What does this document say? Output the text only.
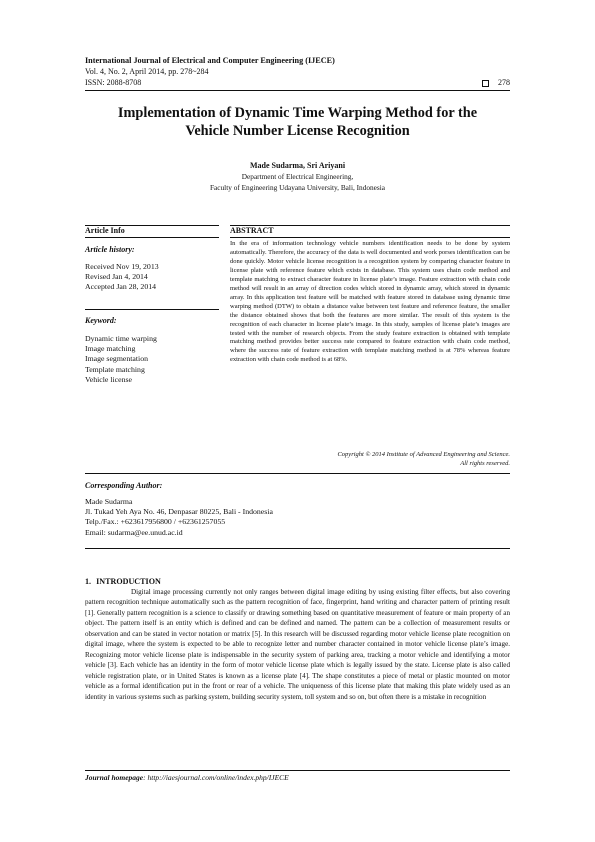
International Journal of Electrical and Computer Engineering (IJECE)
Vol. 4, No. 2, April 2014, pp. 278~284
ISSN: 2088-8708	278
Implementation of Dynamic Time Warping Method for the
Vehicle Number License Recognition
Made Sudarma, Sri Ariyani
Department of Electrical Engineering,
Faculty of Engineering Udayana University, Bali, Indonesia
Article Info	ABSTRACT
Article history:
Received Nov 19, 2013
Revised Jan 4, 2014
Accepted Jan 28, 2014
Keyword:
Dynamic time warping
Image matching
Image segmentation
Template matching
Vehicle license
In the era of information technology vehicle numbers identification needs to be done by system automatically. Therefore, the accuracy of the data is well documented and work porses identification can be done quickly. Motor vehicle license recognition is a recognition system by comparing character feature in license plate with reference feature which exists in database. This system uses chain code method and template matching to extract character feature in license plate’s image. Feature extraction with chain code method will result in an array of direction codes which stored in dynamic array, which stored in dynamic array. In this application test feature will be matched with feature stored in database using dynamic time warping method (DTW) to obtain a distance value between test feature and reference feature, the smaller the distance obtained shows that both the features are more similar. The result of this system is the recognition of each character in license plate’s image. In this study, samples of license plate’s images are tested with the number of research objects. From the study feature extraction is obtained with template matching method provides better success rate compared to feature extraction with chain code method, where the success rate of feature extraction with template matching method is at 78% whereas feature extraction with chain code method is at 68%.
Copyright © 2014 Institute of Advanced Engineering and Science.
All rights reserved.
Corresponding Author:
Made Sudarma
Jl. Tukad Yeh Aya No. 46, Denpasar 80225, Bali - Indonesia
Telp./Fax.: +623617956800 / +62361257055
Email: sudarma@ee.unud.ac.id
1. INTRODUCTION
Digital image processing currently not only ranges between digital image editing by using existing filter effects, but also covering pattern recognition technique automatically such as the pattern recognition of face, fingerprint, hand writing and character pattern of printing result [1]. Generally pattern recognition is a science to classify or drawing something based on quantitative measurement of feature or main property of an object. The pattern itself is an entity which is defined and can be defined and named. The pattern can be a collection of measurement results or observation and can be stated in vector notation or matrix [5]. In this research will be discussed regarding motor vehicle license plate recognition on digital image, where the system is expected to be able to recognize letter and number character contained in motor vehicle license plate’s image. Recognizing motor vehicle license plate is indispensable in the security system of parking area, tracking a motor vehicle and identifying a motor vehicle [3]. Each vehicle has an identity in the form of motor vehicle license plate which is legally issued by the state. License plate is also called vehicle registration plate, or in United States is known as a license plate [4]. The shape constitutes a piece of metal or plastic mounted on motor vehicle as a formal identification put in the front or rear of a vehicle. The uniqueness of this license plate that making this plate widely used as an identity in various systems such as parking system, building security system, toll system and so on, but often there is a mistake in recognition
Journal homepage: http://iaesjournal.com/online/index.php/IJECE
